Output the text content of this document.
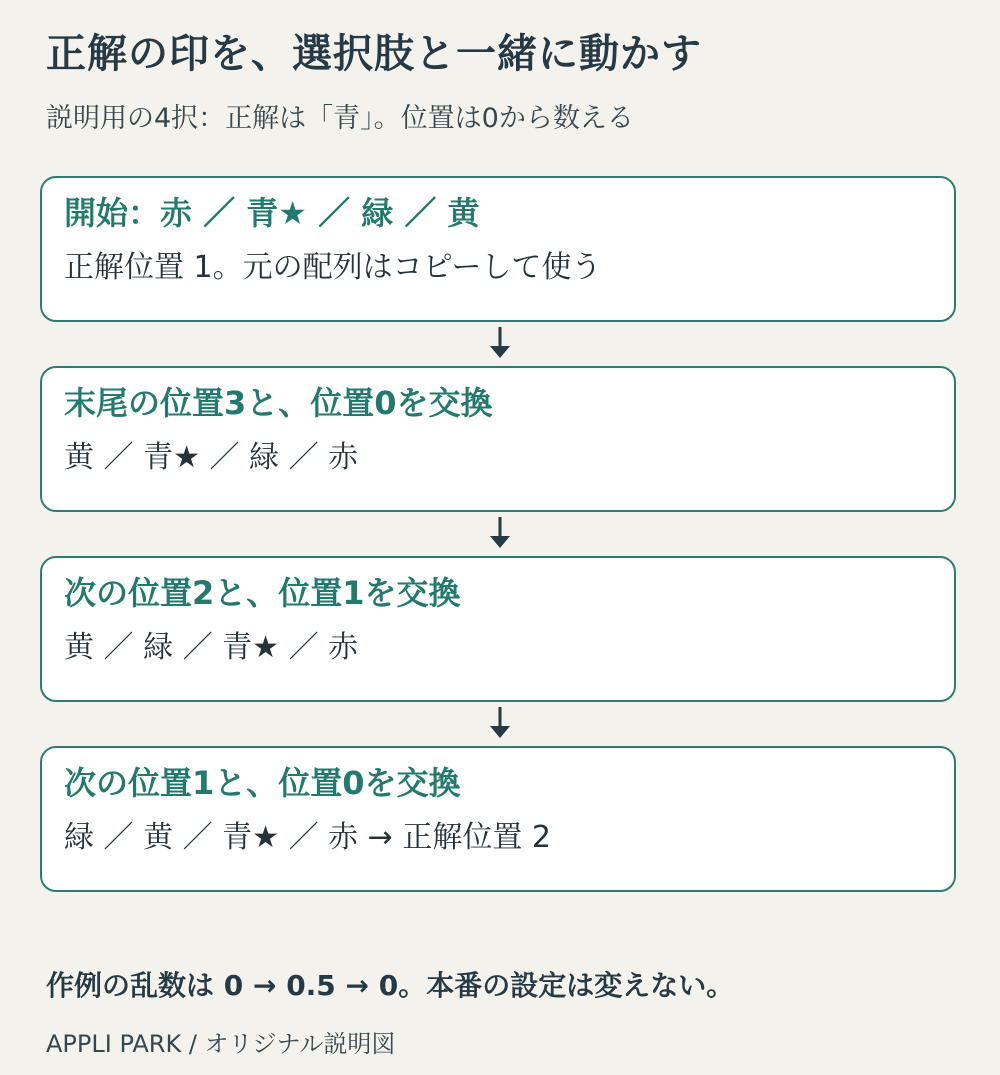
正解の印を、選択肢と一緒に動かす
説明用の4択：正解は「青」。位置は0から数える
開始：赤 ／ 青★ ／ 緑 ／ 黄
正解位置 1。元の配列はコピーして使う
末尾の位置3と、位置0を交換
黄 ／ 青★ ／ 緑 ／ 赤
次の位置2と、位置1を交換
黄 ／ 緑 ／ 青★ ／ 赤
次の位置1と、位置0を交換
緑 ／ 黄 ／ 青★ ／ 赤 → 正解位置 2
作例の乱数は 0 → 0.5 → 0。本番の設定は変えない。
APPLI PARK / オリジナル説明図
